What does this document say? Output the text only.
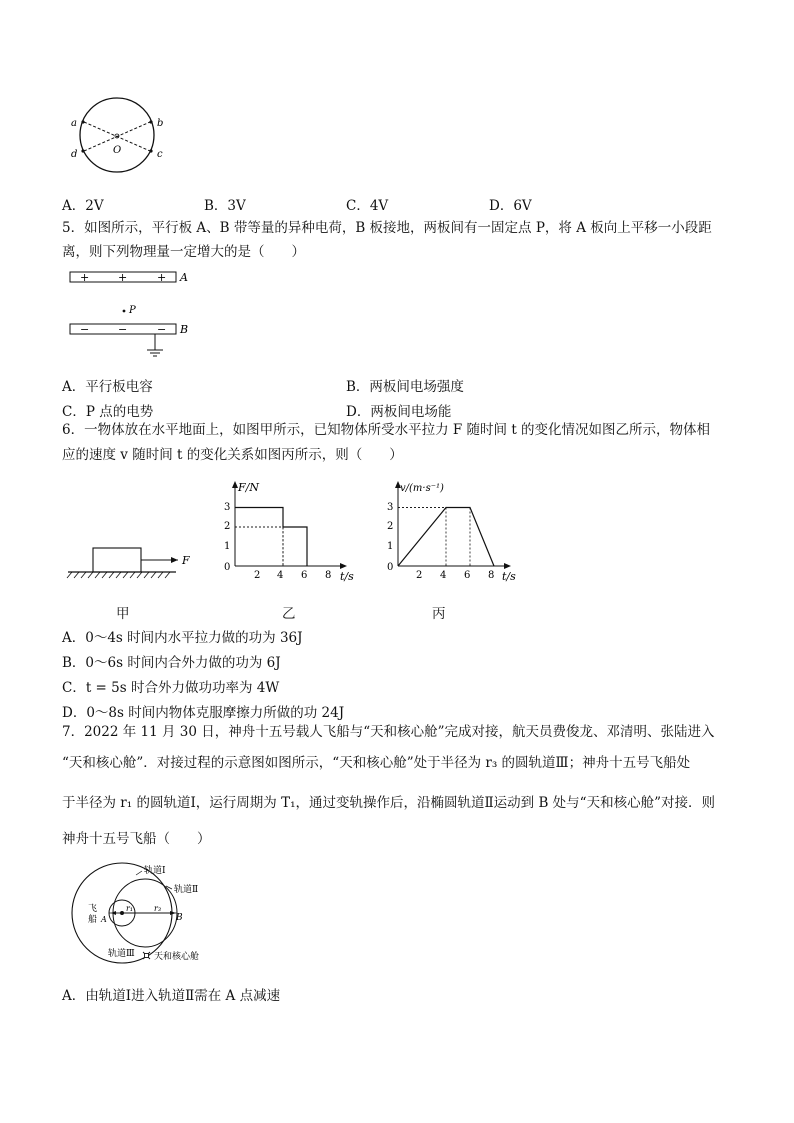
a	b
d	c
O
A．2V	B．3V	C．4V	D．6V
5．如图所示，平行板 A、B 带等量的异种电荷，B 板接地，两板间有一固定点 P，将 A 板向上平移一小段距
离，则下列物理量一定增大的是（　　）
+	+	+ A
P
−	−	− B
A．平行板电容	B．两板间电场强度
C．P 点的电势	D．两板间电场能
6．一物体放在水平地面上，如图甲所示，已知物体所受水平拉力 F 随时间 t 的变化情况如图乙所示，物体相
应的速度 v 随时间 t 的变化关系如图丙所示，则（　　）
F
甲
F/N
t/s
0
1
2
3
2 4 6 8
乙
v/(m·s⁻¹)
t/s
0
1
2
3
2 4 6 8
丙
A．0～4s 时间内水平拉力做的功为 36J
B．0～6s 时间内合外力做的功为 6J
C．t = 5s 时合外力做功功率为 4W
D．0～8s 时间内物体克服摩擦力所做的功 24J
7．2022 年 11 月 30 日，神舟十五号载人飞船与“天和核心舱”完成对接，航天员费俊龙、邓清明、张陆进入
“天和核心舱”．对接过程的示意图如图所示，“天和核心舱”处于半径为 r₃ 的圆轨道Ⅲ；神舟十五号飞船处
于半径为 r₁ 的圆轨道Ⅰ，运行周期为 T₁，通过变轨操作后，沿椭圆轨道Ⅱ运动到 B 处与“天和核心舱”对接．则
神舟十五号飞船（　　）
r₁	r₃
A	B
飞
船
轨道Ⅰ
轨道Ⅱ
轨道Ⅲ 天和核心舱
A．由轨道Ⅰ进入轨道Ⅱ需在 A 点减速
